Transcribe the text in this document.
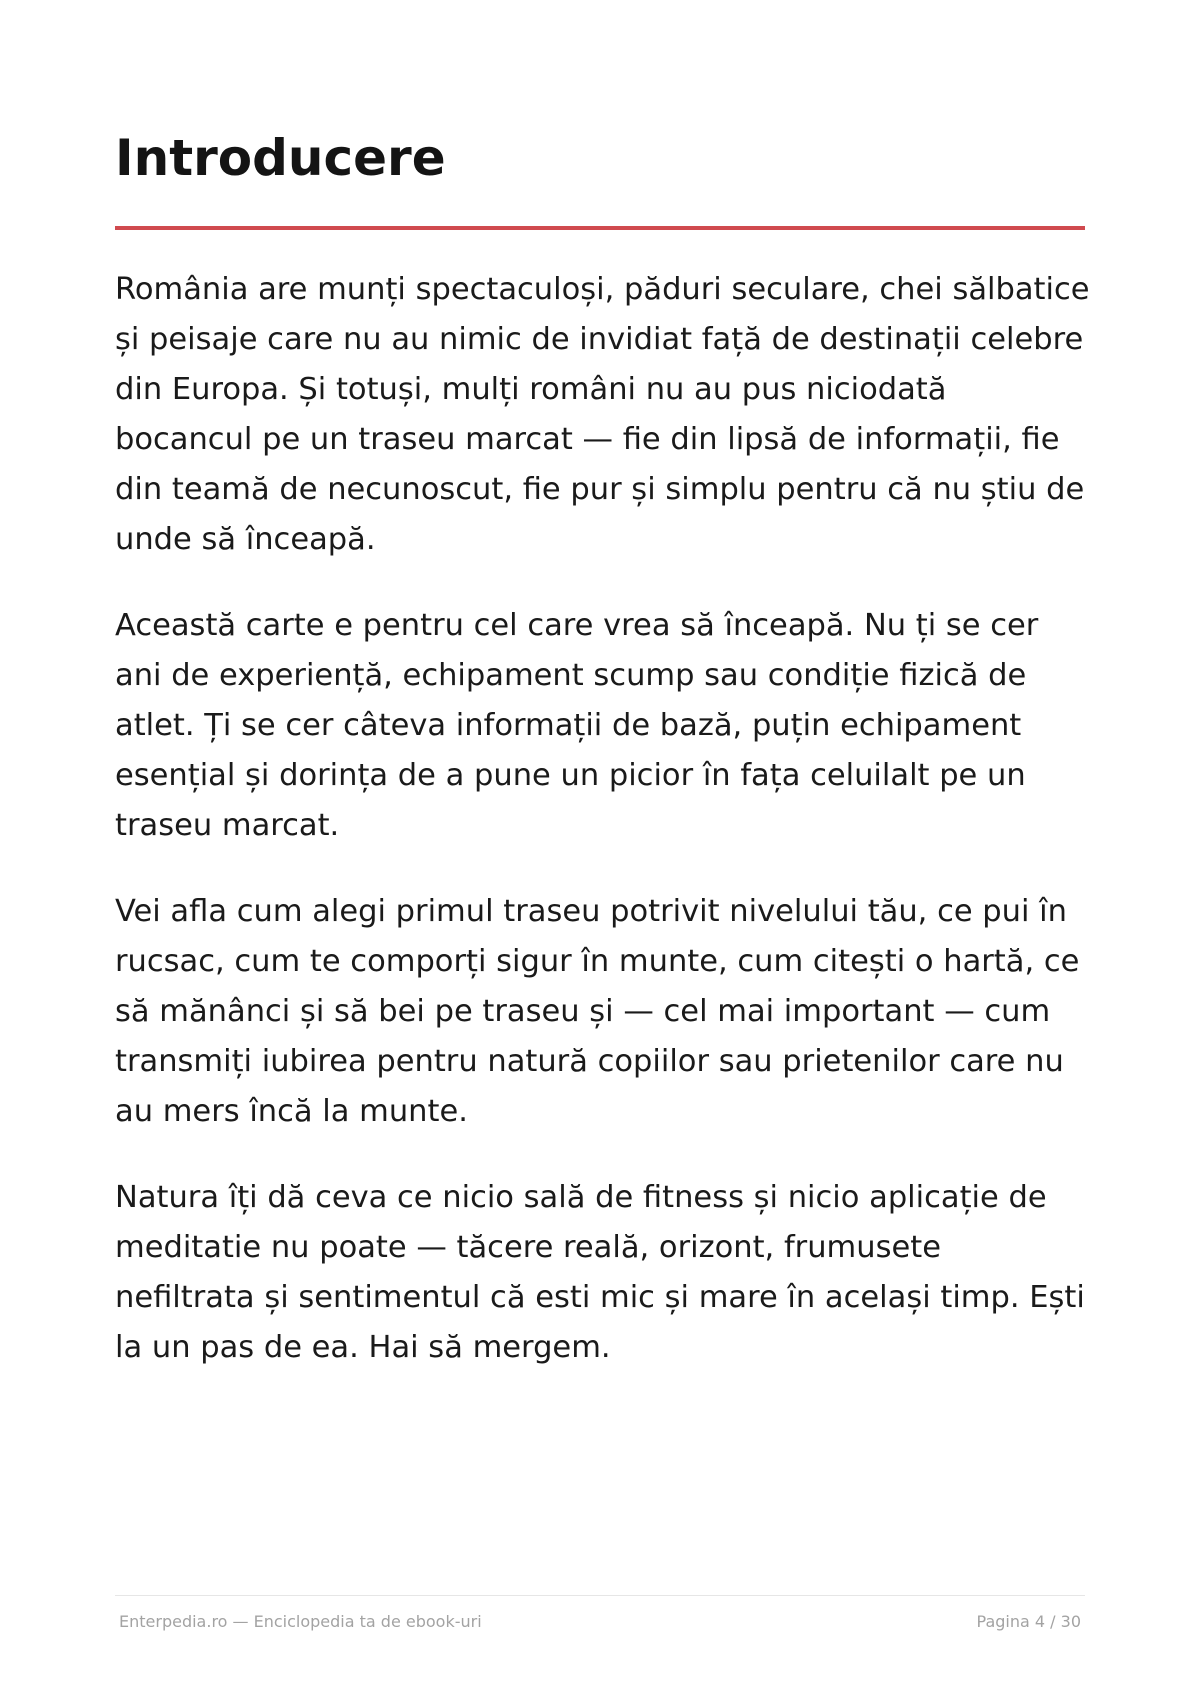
Introducere

România are munți spectaculoși, păduri seculare, chei sălbatice și peisaje care nu au nimic de invidiat față de destinații celebre din Europa. Și totuși, mulți români nu au pus niciodată bocancul pe un traseu marcat — fie din lipsă de informații, fie din teamă de necunoscut, fie pur și simplu pentru că nu știu de unde să înceapă.

Această carte e pentru cel care vrea să înceapă. Nu ți se cer ani de experiență, echipament scump sau condiție fizică de atlet. Ți se cer câteva informații de bază, puțin echipament esențial și dorința de a pune un picior în fața celuilalt pe un traseu marcat.

Vei afla cum alegi primul traseu potrivit nivelului tău, ce pui în rucsac, cum te comporți sigur în munte, cum citești o hartă, ce să mănânci și să bei pe traseu și — cel mai important — cum transmiți iubirea pentru natură copiilor sau prietenilor care nu au mers încă la munte.

Natura îți dă ceva ce nicio sală de fitness și nicio aplicație de meditatie nu poate — tăcere reală, orizont, frumusete nefiltrata și sentimentul că esti mic și mare în același timp. Ești la un pas de ea. Hai să mergem.

Enterpedia.ro — Enciclopedia ta de ebook-uri	Pagina 4 / 30
